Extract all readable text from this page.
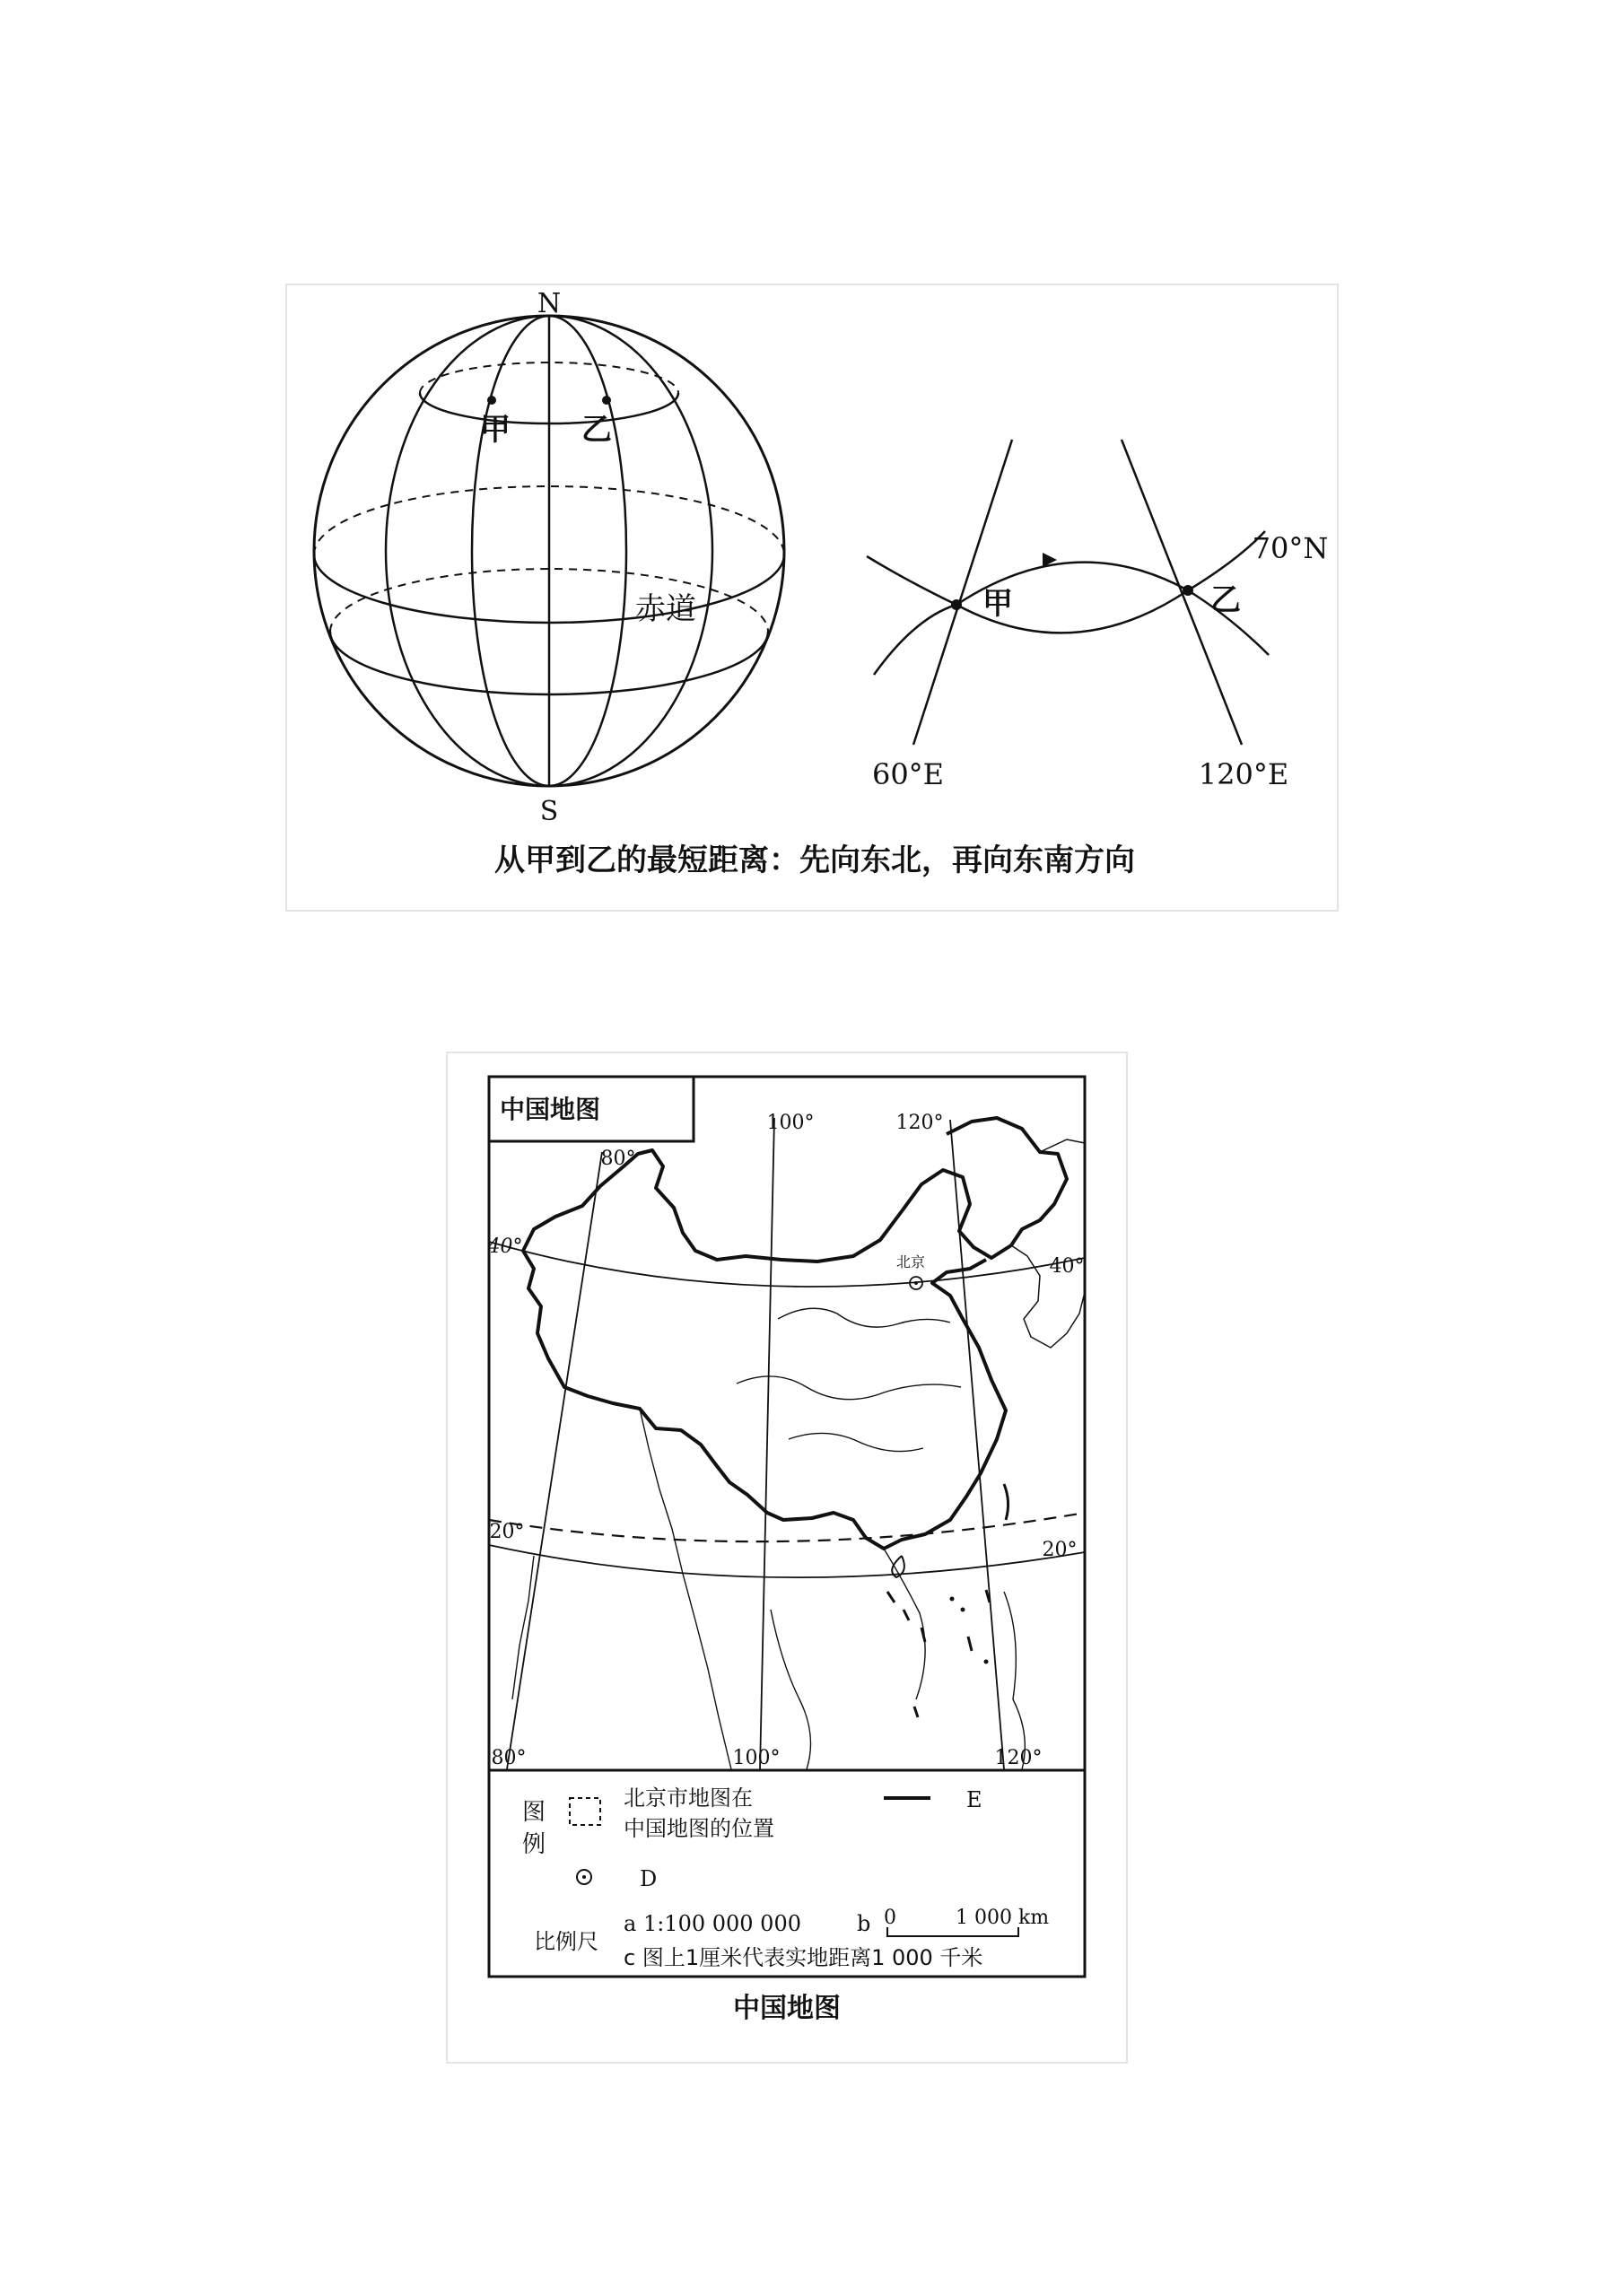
N
S
甲 乙
赤道	甲	乙
70°N
60°E	120°E
从甲到乙的最短距离：先向东北，再向东南方向
中国地图
80°
100°	120°
40°
40°
20°
20°
80°	100°	120°
北京
图
例
北京市地图在
中国地图的位置
E
D
比例尺
a 1:100 000 000	b 0	1 000 km
c 图上1厘米代表实地距离1 000 千米
中国地图
